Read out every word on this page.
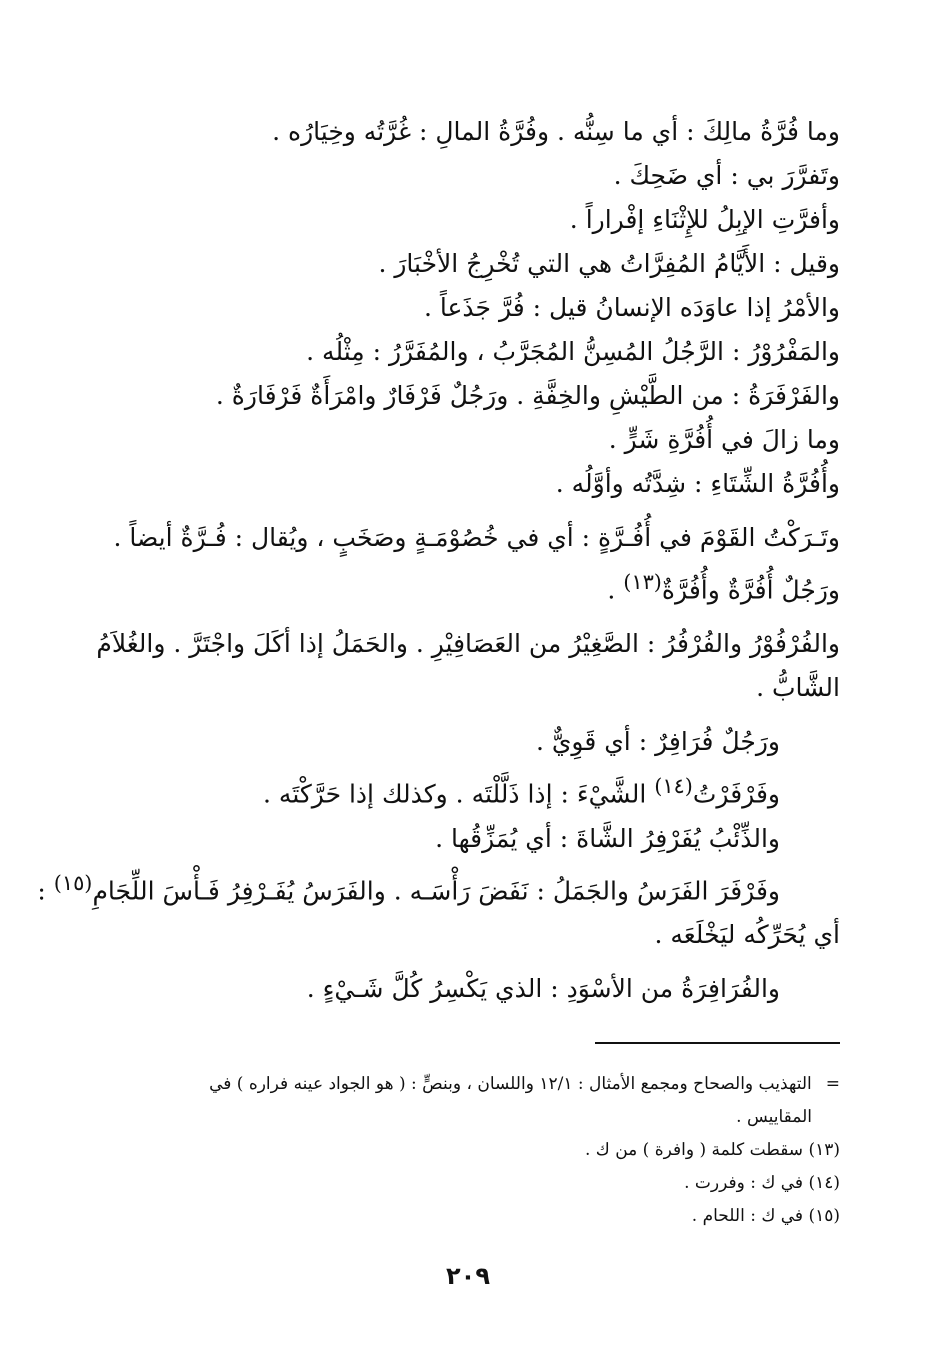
وما فُرَّةُ مالِكَ : أي ما سِنُّه . وفُرَّةُ المالِ : غُرَّتُه وخِيَارُه .

وتَفرَّرَ بي : أي ضَحِكَ .

وأفرَّتِ الإبِلُ للإِثْنَاءِ إفْراراً .

وقيل : الأَيَّامُ المُفِرَّاتُ هي التي تُخْرِجُ الأخْبَارَ .

والأمْرُ إذا عاوَدَه الإنسانُ قيل : فُرَّ جَذَعاً .

والمَفْرُوْرُ : الرَّجُلُ المُسِنُّ المُجَرَّبُ ، والمُفَرَّرُ : مِثْلُه .

والفَرْفَرَةُ : من الطَّيْشِ والخِفَّةِ . ورَجُلٌ فَرْفَارٌ وامْرَأَةٌ فَرْفَارَةٌ .

وما زالَ في أُفُرَّةِ شَرٍّ .

وأُفُرَّةُ الشِّتَاءِ : شِدَّتُه وأوَّلُه .

وتَـرَكْتُ القَوْمَ في أُفُـرَّةٍ : أي في خُصُوْمَـةٍ وصَخَبٍ ، ويُقال : فُـرَّةٌ أيضاً .

ورَجُلٌ أُفُرَّةٌ وأُفُرَّةٌ$^{(١٣)}$ .

والفُرْفُوْرُ والفُرْفُرُ : الصَّغِيْرُ من العَصَافِيْرِ . والحَمَلُ إذا أكَلَ واجْتَرَّ . والغُلاَمُ

الشَّابُّ .

ورَجُلٌ فُرَافِرٌ : أي قَوِيٌّ .

وفَرْفَرْتُ$^{(١٤)}$ الشَّيْءَ : إذا ذَلَّلْتَه . وكذلك إذا حَرَّكْتَه .

والذِّئْبُ يُفَرْفِرُ الشَّاةَ : أي يُمَزِّقُها .

وفَرْفَرَ الفَرَسُ والجَمَلُ : نَفَضَ رَأْسَـه . والفَرَسُ يُفَـرْفِرُ فَـأْسَ اللِّجَامِ$^{(١٥)}$ :

أي يُحَرِّكُه ليَخْلَعَه .

والفُرَافِرَةُ من الأسْوَدِ : الذي يَكْسِرُ كُلَّ شَـيْءٍ .

=التهذيب والصحاح ومجمع الأمثال : ١٢/١ واللسان ، وبنصٍّ : ( هو الجواد عينه فراره ) في

المقاييس .

(١٣) سقطت كلمة ( وافرة ) من ك .

(١٤) في ك : وفررت .

(١٥) في ك : اللحام .

٢٠٩
